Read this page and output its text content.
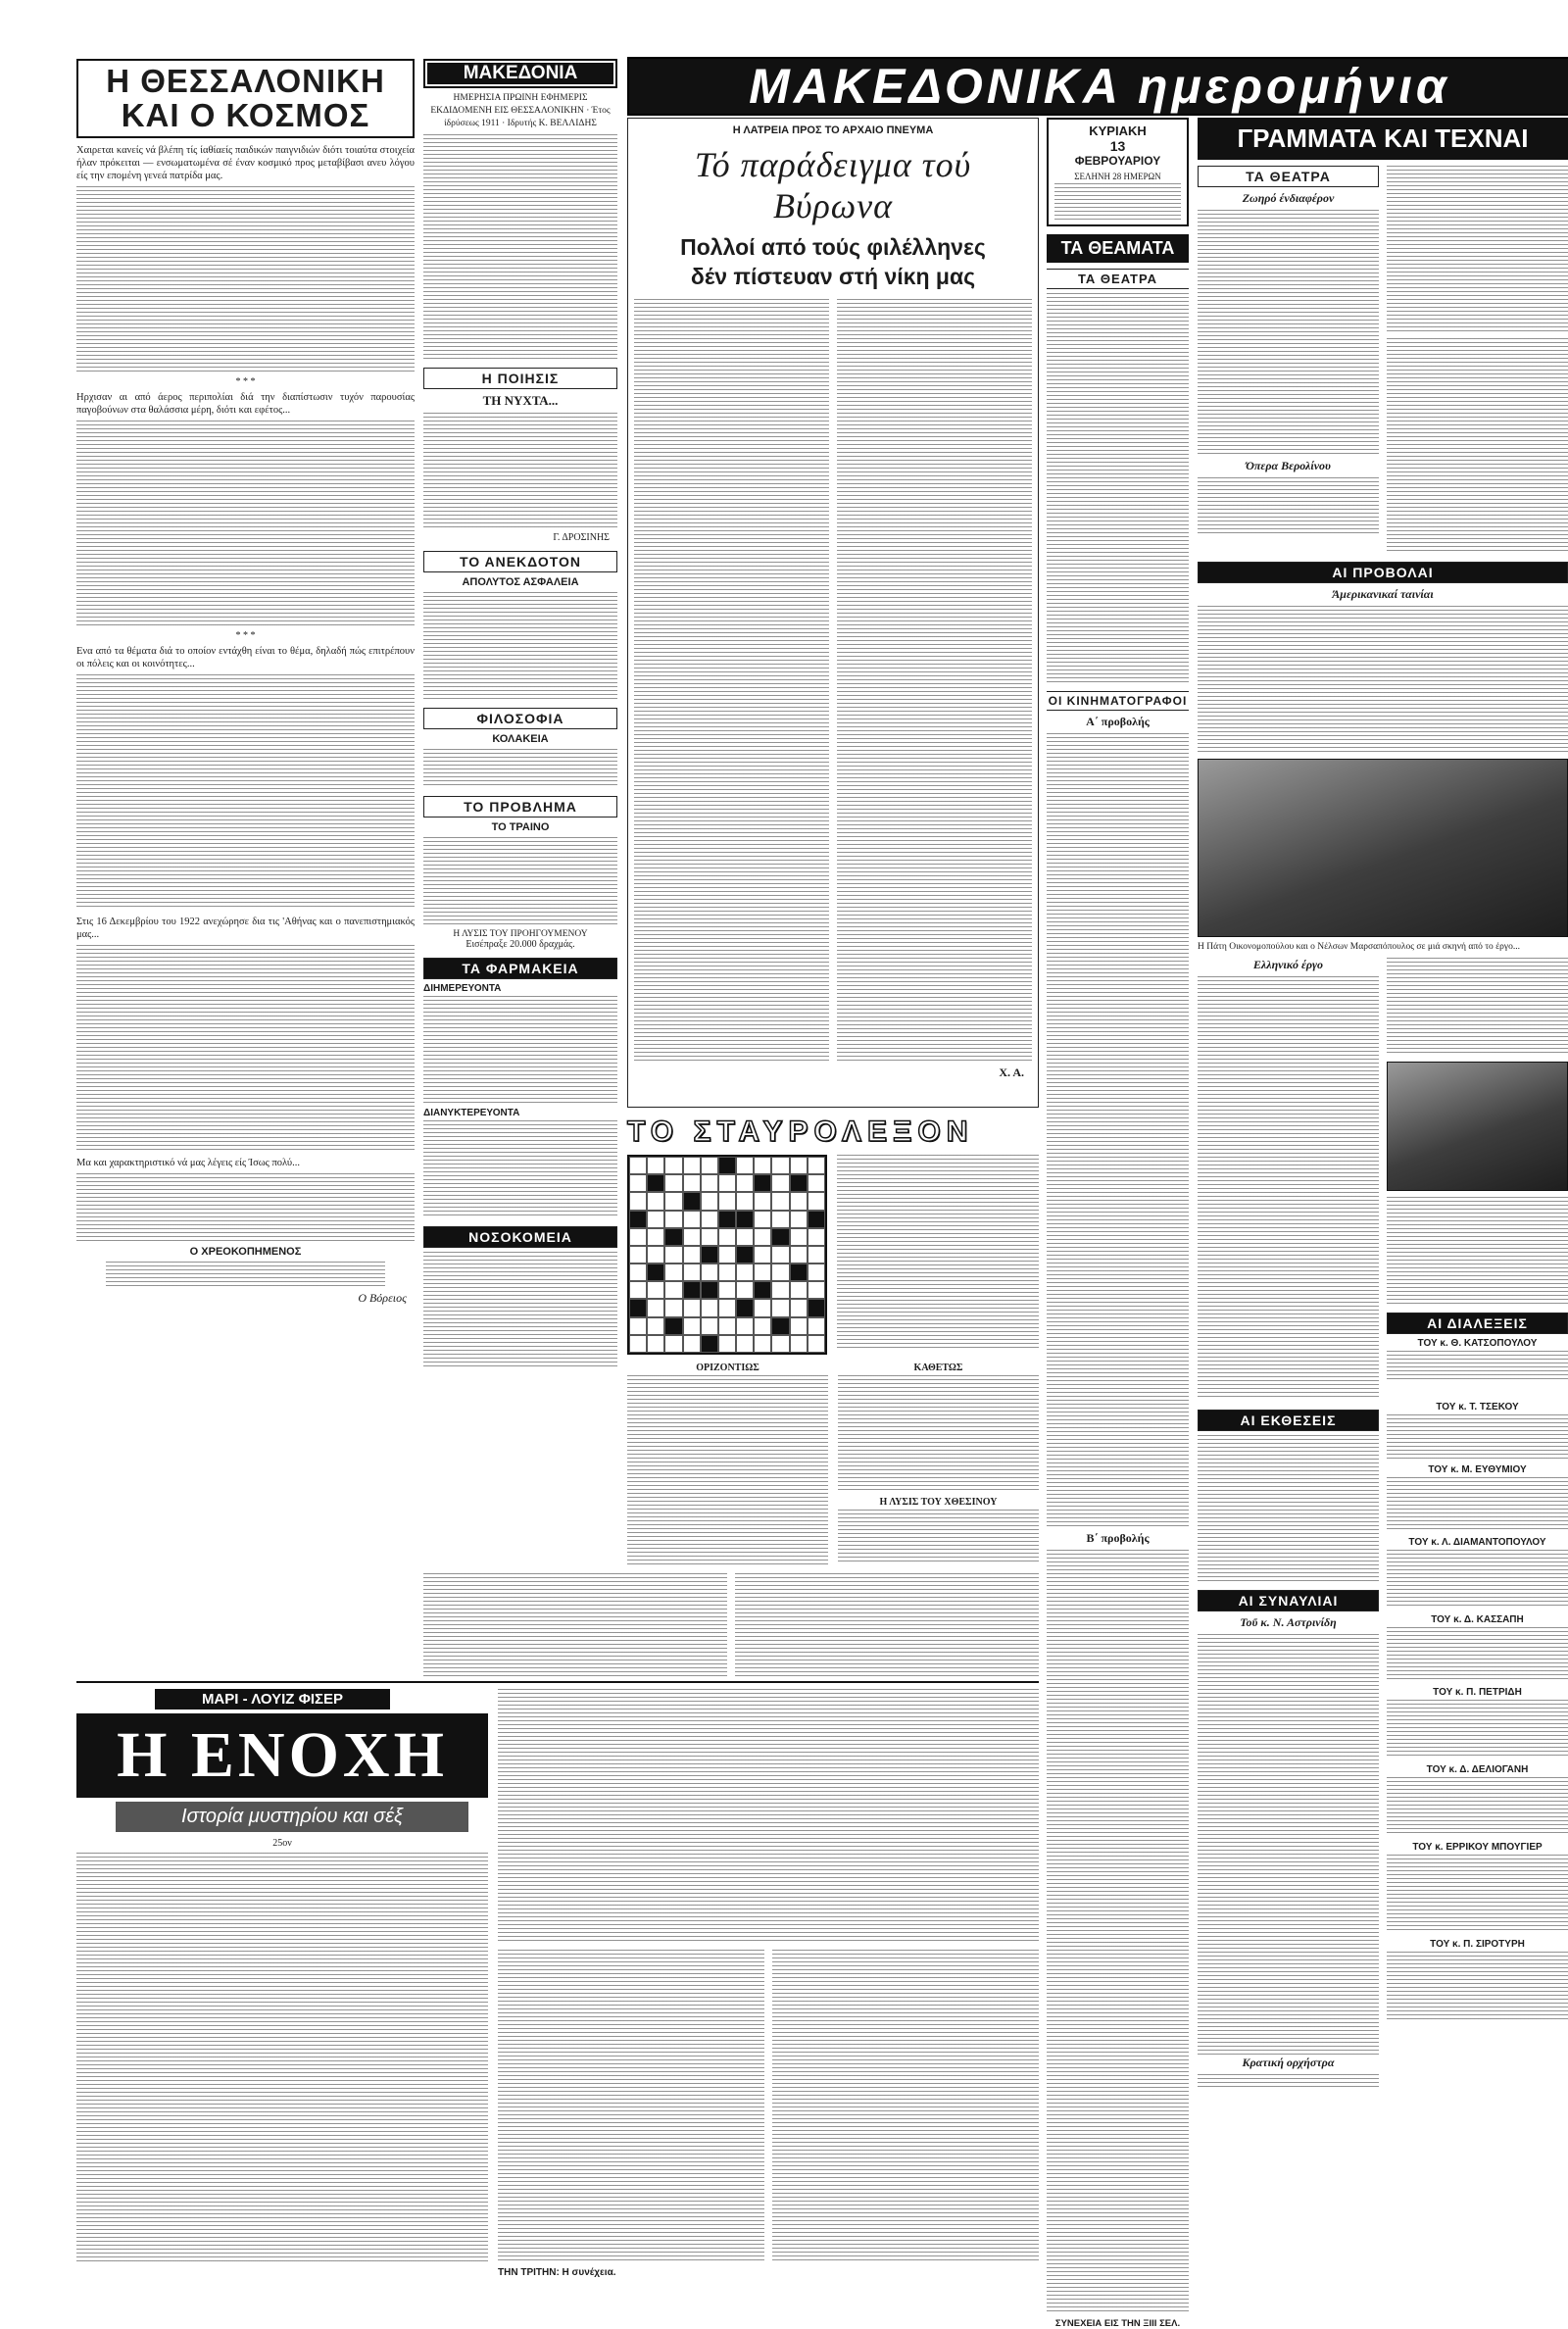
ΜΑΚΕΔΟΝΙΚΑ ημερομήνια
Η ΘΕΣΣΑΛΟΝΙΚΗ
ΚΑΙ Ο ΚΟΣΜΟΣ

Χαιρεται κανείς νά βλέπη τίς ίαθίαείς παιδικών παιγνιδιών διότι τοιαύτα στοιχεία ήλαν πρόκειται — ενσωματωμένα σέ έναν κοσμικό προς μεταβίβασι ανευ λόγου είς την επομένη γενεά πατρίδα μας.

* * *

Ηρχισαν αι από άερος περιπολίαι διά την διαπίστωσιν τυχόν παρουσίας παγοβούνων στα θαλάσσια μέρη, διότι και εφέτος...

* * *

Ενα από τα θέματα διά το οποίον εντάχθη είναι το θέμα, δηλαδή πώς επιτρέπουν οι πόλεις και οι κοινότητες...

Στις 16 Δεκεμβρίου του 1922 ανεχώρησε δια τις 'Αθήνας και ο πανεπιστημιακός μας...

Μα και χαρακτηριστικό νά μας λέγεις είς Ίσως πολύ...

Ο ΧΡΕΟΚΟΠΗΜΕΝΟΣ
Ο Βόρειος
ΜΑΚΕΔΟΝΙΑ

ΗΜΕΡΗΣΙΑ ΠΡΩΙΝΗ ΕΦΗΜΕΡΙΣ ΕΚΔΙΔΟΜΕΝΗ ΕΙΣ ΘΕΣΣΑΛΟΝΙΚΗΝ · Έτος ίδρύσεως 1911 · Ιδρυτής Κ. ΒΕΛΛΙΔΗΣ

Η ΠΟΙΗΣΙΣ
ΤΗ ΝΥΧΤΑ...
Γ. ΔΡΟΣΙΝΗΣ
ΤΟ ΑΝΕΚΔΟΤΟΝ
ΑΠΟΛΥΤΟΣ ΑΣΦΑΛΕΙΑ
ΦΙΛΟΣΟΦΙΑ
ΚΟΛΑΚΕΙΑ
ΤΟ ΠΡΟΒΛΗΜΑ
ΤΟ ΤΡΑΙΝΟ
Η ΛΥΣΙΣ ΤΟΥ ΠΡΟΗΓΟΥΜΕΝΟΥ
Εισέπραξε 20.000 δραχμάς.
ΤΑ ΦΑΡΜΑΚΕΙΑ
ΔΙΗΜΕΡΕΥΟΝΤΑ
ΔΙΑΝΥΚΤΕΡΕΥΟΝΤΑ
ΝΟΣΟΚΟΜΕΙΑ
Η ΛΑΤΡΕΙΑ ΠΡΟΣ ΤΟ ΑΡΧΑΙΟ ΠΝΕΥΜΑ
Τό παράδειγμα τού Βύρωνα
Πολλοί από τούς φιλέλληνες
δέν πίστευαν στή νίκη μας
Χ. Α.
ΚΥΡΙΑΚΗ
13
ΦΕΒΡΟΥΑΡΙΟΥ
ΣΕΛΗΝΗ 28 ΗΜΕΡΩΝ
ΤΑ ΘΕΑΜΑΤΑ
ΤΑ ΘΕΑΤΡΑ
ΟΙ ΚΙΝΗΜΑΤΟΓΡΑΦΟΙ
Α΄ προβολής
Β΄ προβολής
ΣΥΝΕΧΕΙΑ ΕΙΣ ΤΗΝ ΞΙΙΙ ΣΕΛ.
ΤΟ ΣΤΑΥΡΟΛΕΞΟΝ
ΟΡΙΖΟΝΤΙΩΣ	ΚΑΘΕΤΩΣ
Η ΛΥΣΙΣ ΤΟΥ ΧΘΕΣΙΝΟΥ
ΓΡΑΜΜΑΤΑ ΚΑΙ ΤΕΧΝΑΙ
ΤΑ ΘΕΑΤΡΑ
Ζωηρό ένδιαφέρον
Όπερα Βερολίνου
ΑΙ ΠΡΟΒΟΛΑΙ
Άμερικανικαί ταινίαι

Η Πάτη Οικονομοπούλου και ο Νέλσων Μαρσαπόπουλος σε μιά σκηνή από το έργο...

Ελληνικό έργο
ΑΙ ΔΙΑΛΕΞΕΙΣ
ΤΟΥ κ. Θ. ΚΑΤΣΟΠΟΥΛΟΥ
ΑΙ ΕΚΘΕΣΕΙΣ
ΑΙ ΣΥΝΑΥΛΙΑΙ
Τοῦ κ. Ν. Αστρινίδη
Κρατική ορχήστρα
ΤΟΥ κ. Τ. ΤΣΕΚΟΥ
ΤΟΥ κ. Μ. ΕΥΘΥΜΙΟΥ
ΤΟΥ κ. Λ. ΔΙΑΜΑΝΤΟΠΟΥΛΟΥ
ΤΟΥ κ. Δ. ΚΑΣΣΑΠΗ
ΤΟΥ κ. Π. ΠΕΤΡΙΔΗ
ΤΟΥ κ. Δ. ΔΕΛΙΟΓΑΝΗ
ΤΟΥ κ. ΕΡΡΙΚΟΥ ΜΠΟΥΓΙΕΡ
ΤΟΥ κ. Π. ΣΙΡΟΤΥΡΗ
ΜΑΡΙ - ΛΟΥΙΖ ΦΙΣΕΡ
Η ΕΝΟΧΗ
Ιστορία μυστηρίου και σέξ
25ον
ΤΗΝ ΤΡΙΤΗΝ: Η συνέχεια.
